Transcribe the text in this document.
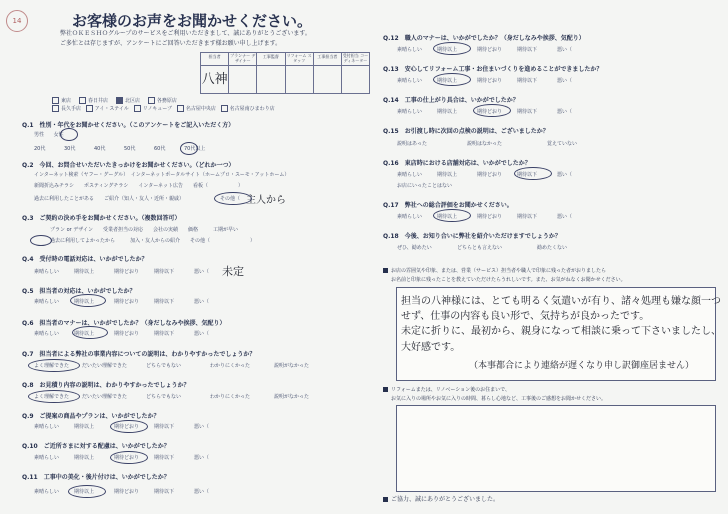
14	お客様のお声をお聞かせください。
弊社ＯＫＥＳＨＯグループのサービスをご利用いただきまして、誠にありがとうございます。
ご多忙とは存じますが、アンケートにご回答いただきます様お願い申し上げます。
担当者	プランナー デザイナー
工事監督	リフォーム スタッフ
工事担当者	受付担当 コーディネーター
八神
東店	春日井店	北区店	各務原店
長久手店	アイ・ステイル	リノキューブ	名古屋中央店	名古屋南ひまわり店
Q.1　性別・年代をお聞かせください。（このアンケートをご記入いただく方）
男性 女性
20代	30代	40代	50代	60代	70代以上
Q.2　今回、お問合せいただいたきっかけをお聞かせください。（どれか一つ）
インターネット検索（ヤフー・グーグル）　インターネットポータルサイト（ホームプロ・スーモ・アットホーム）
新聞折込みチラシ　　ポスティングチラシ　　インターネット広告　　看板（　　　　　　）
過去に利用したことがある　　ご紹介（知人・友人・近所・親戚）	その他（ 主人から
Q.3　ご契約の決め手をお聞かせください。（複数回答可）
プラン or デザイン　　受業者担当の対応　　会社の実績　　価格　　　工期が早い
過去に利用してよかったから　　　加入・友人からの紹介　　その他（　　　　　　　　）
Q.4　受付時の電話対応は、いかがでしたか？
素晴らしい	期待以上	期待どおり	期待以下	悪い（ 未定
Q.5　担当者の対応は、いかがでしたか？
素晴らしい	期待以上	期待どおり	期待以下	悪い（
Q.6　担当者のマナーは、いかがでしたか？（身だしなみや挨拶、気配り）
素晴らしい	期待以上	期待どおり	期待以下	悪い（
Q.7　担当者による弊社の事業内容についての説明は、わかりやすかったでしょうか？
よく理解できた	だいたい理解できた	どちらでもない	わかりにくかった	説明がなかった
Q.8　お見積り内容の説明は、わかりやすかったでしょうか？
よく理解できた	だいたい理解できた	どちらでもない	わかりにくかった	説明がなかった
Q.9　ご提案の商品やプランは、いかがでしたか？
素晴らしい	期待以上	期待どおり	期待以下	悪い（
Q.10　ご近所さまに対する配慮は、いかがでしたか？
素晴らしい	期待以上	期待どおり	期待以下	悪い（
Q.11　工事中の美化・後片付けは、いかがでしたか？
素晴らしい	期待以上	期待どおり	期待以下	悪い（
Q.12　職人のマナーは、いかがでしたか？（身だしなみや挨拶、気配り）
素晴らしい	期待以上	期待どおり	期待以下	悪い（
Q.13　安心してリフォーム工事・お住まいづくりを進めることができましたか？
素晴らしい	期待以上	期待どおり	期待以下	悪い（
Q.14　工事の仕上がり具合は、いかがでしたか？
素晴らしい	期待以上	期待どおり	期待以下	悪い（
Q.15　お引渡し時に次回の点検の説明は、ございましたか？
説明はあった	説明はなかった	覚えていない
Q.16　東店時における店舗対応は、いかがでしたか？
素晴らしい	期待以上	期待どおり	期待以下	悪い（
お店にいったことはない
Q.17　弊社への総合評価をお聞かせください。
素晴らしい	期待以上	期待どおり	期待以下	悪い（
Q.18　今後、お知り合いに弊社を紹介いただけますでしょうか？
ぜひ、勧めたい	どちらとも言えない	勧めたくない
お店の雰囲気や印象、または、営業（サービス）担当者や職人で印象に残った者がおりましたら
お名前と印象に残ったことを教えていただけたらうれしいです。また、お気がねなくお聞かせください。
担当の八神様には、とても明るく気遣いが有り、諸々処理も嫌な顔一つ
せず、仕事の内容も良い形で、気持ちが良かったです。
未定に折りに、最初から、親身になって相談に乗って下さいましたし、
大好感です。
（本事都合により連絡が遅くなり申し訳御座居ません）
リフォームまたは、リノベーション後のお住まいで、
お気に入りの場所やお気に入りの時間、暮らし心地など、工事後のご感想をお聞かせください。
ご協力、誠にありがとうございました。
